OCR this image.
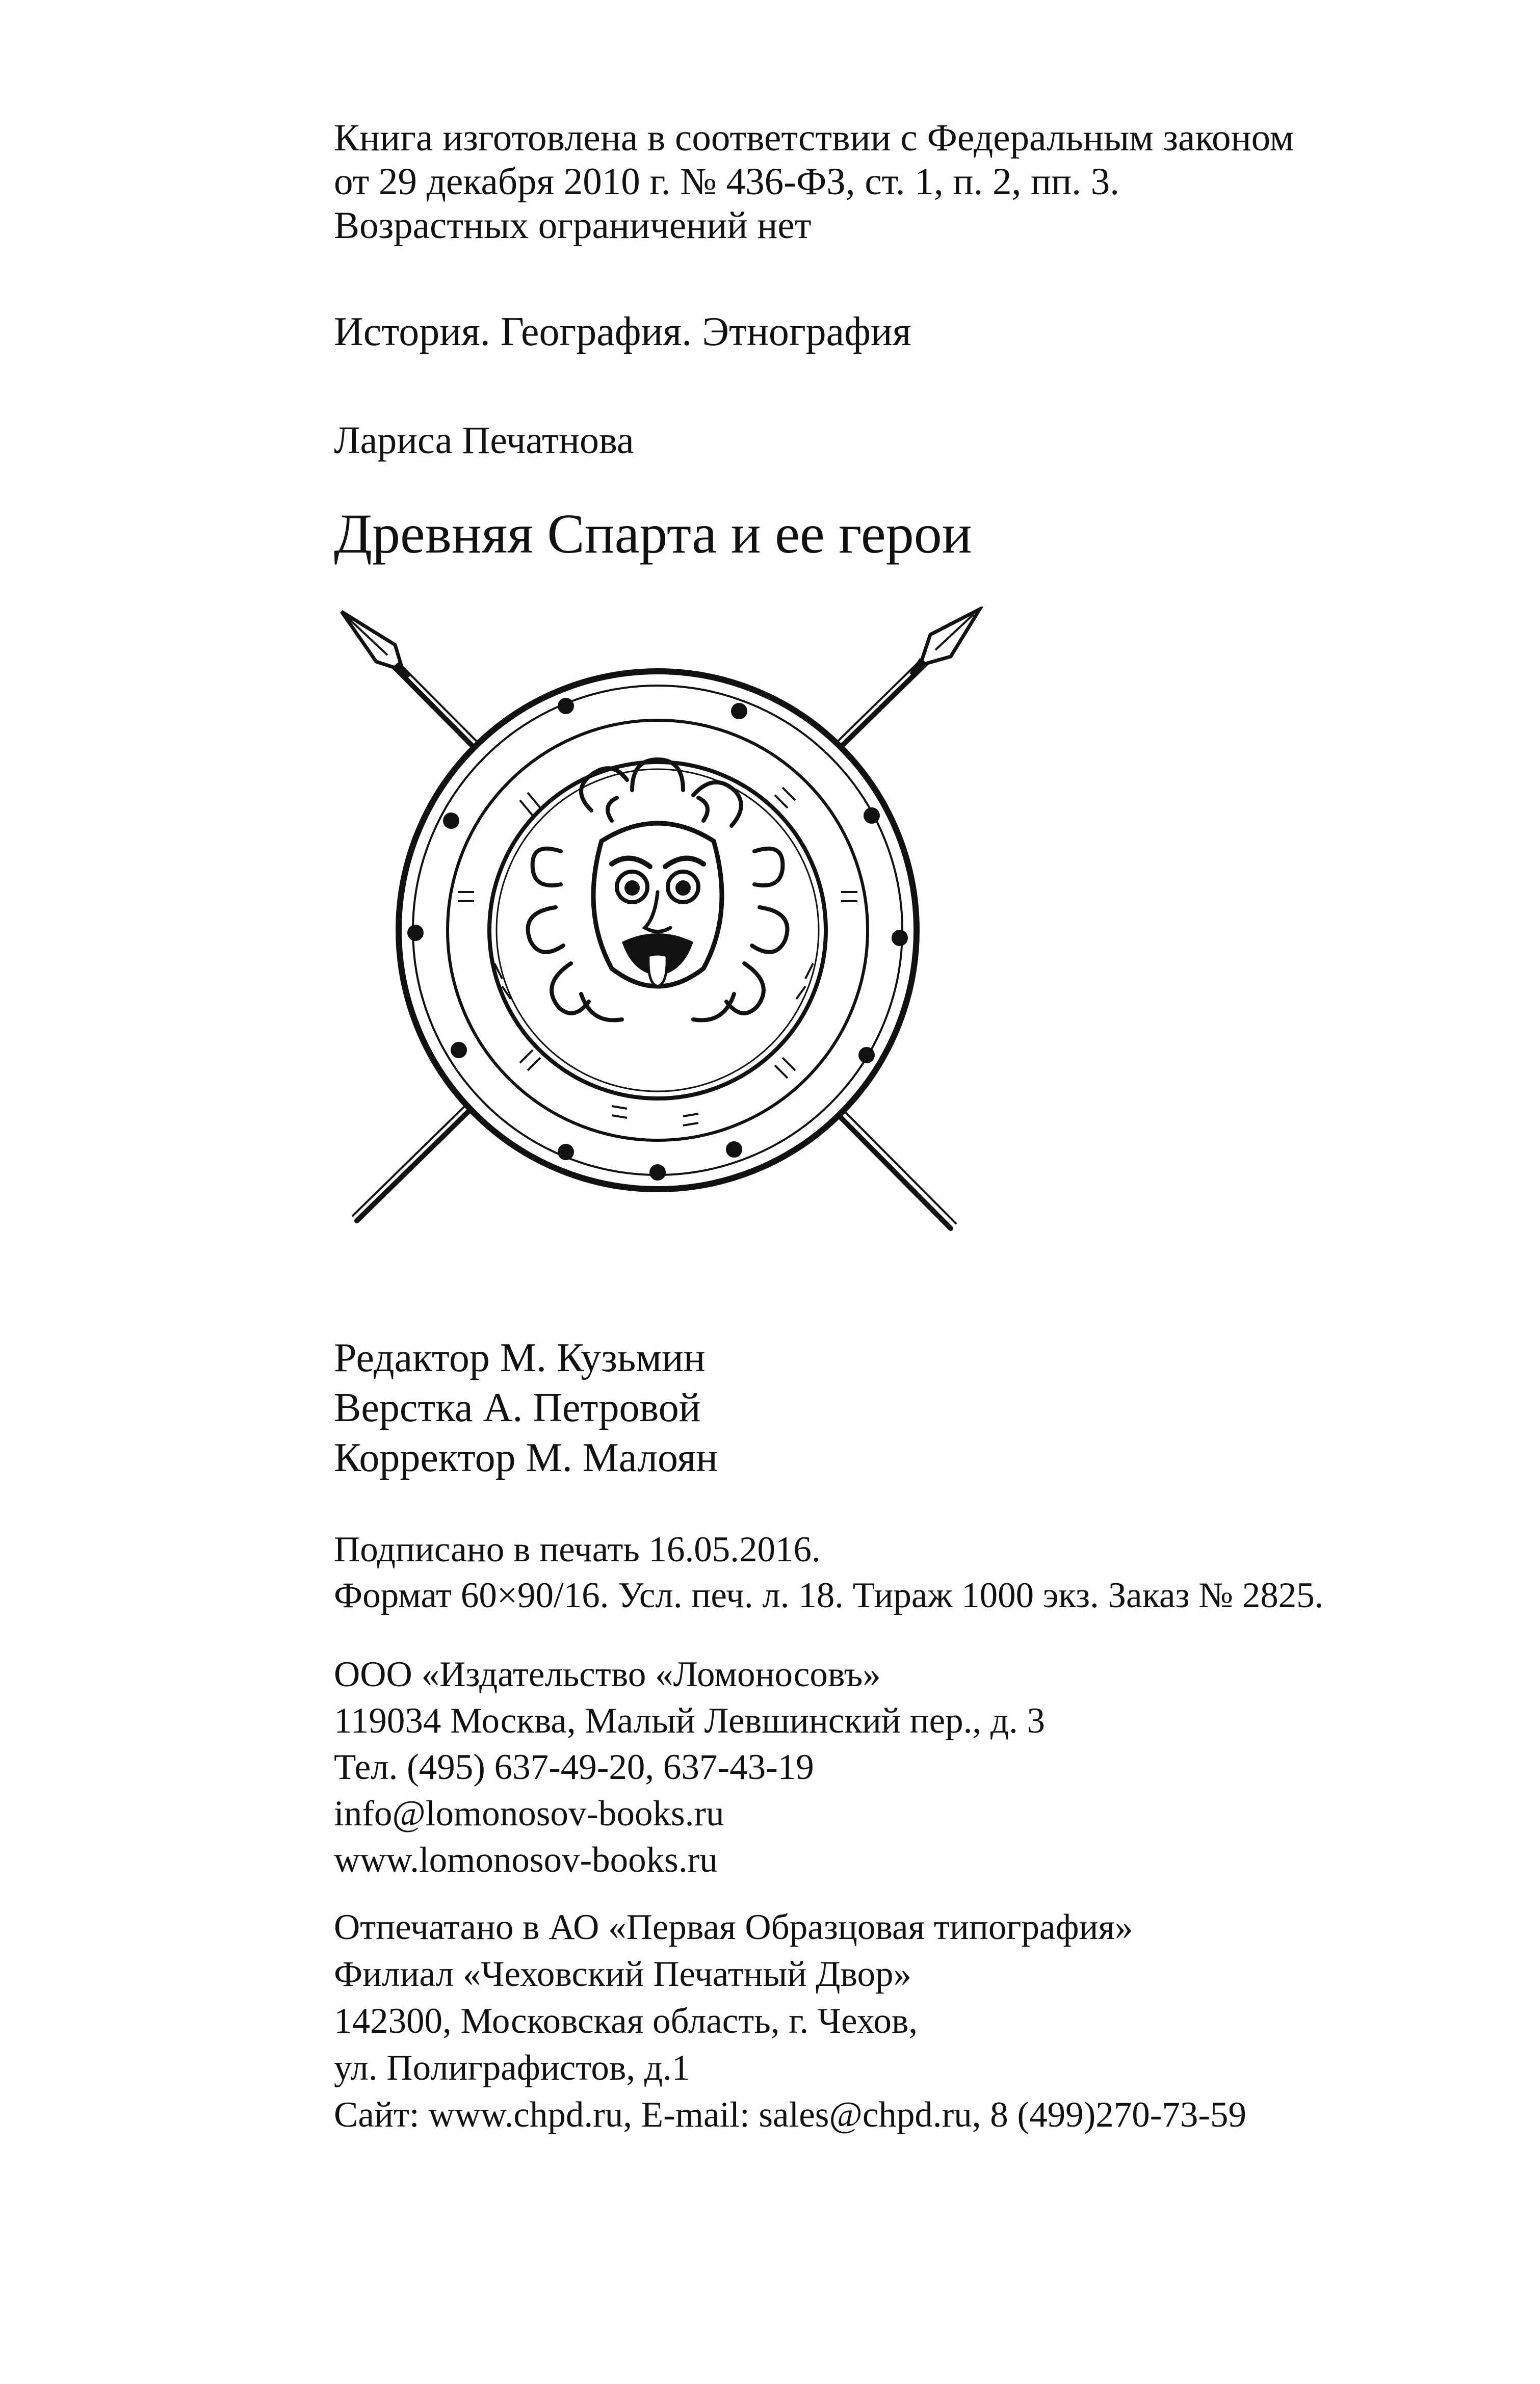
Книга изготовлена в соответствии с Федеральным законом
от 29 декабря 2010 г. № 436-ФЗ, ст. 1, п. 2, пп. 3.
Возрастных ограничений нет
История. География. Этнография
Лариса Печатнова
Древняя Спарта и ее герои
Редактор М. Кузьмин
Верстка А. Петровой
Корректор М. Малоян
Подписано в печать 16.05.2016.
Формат 60×90/16. Усл. печ. л. 18. Тираж 1000 экз. Заказ № 2825.
ООО «Издательство «Ломоносовъ»
119034 Москва, Малый Левшинский пер., д. 3
Тел. (495) 637-49-20, 637-43-19
info@lomonosov-books.ru
www.lomonosov-books.ru
Отпечатано в АО «Первая Образцовая типография»
Филиал «Чеховский Печатный Двор»
142300, Московская область, г. Чехов,
ул. Полиграфистов, д.1
Сайт: www.chpd.ru, E-mail: sales@chpd.ru, 8 (499)270-73-59
